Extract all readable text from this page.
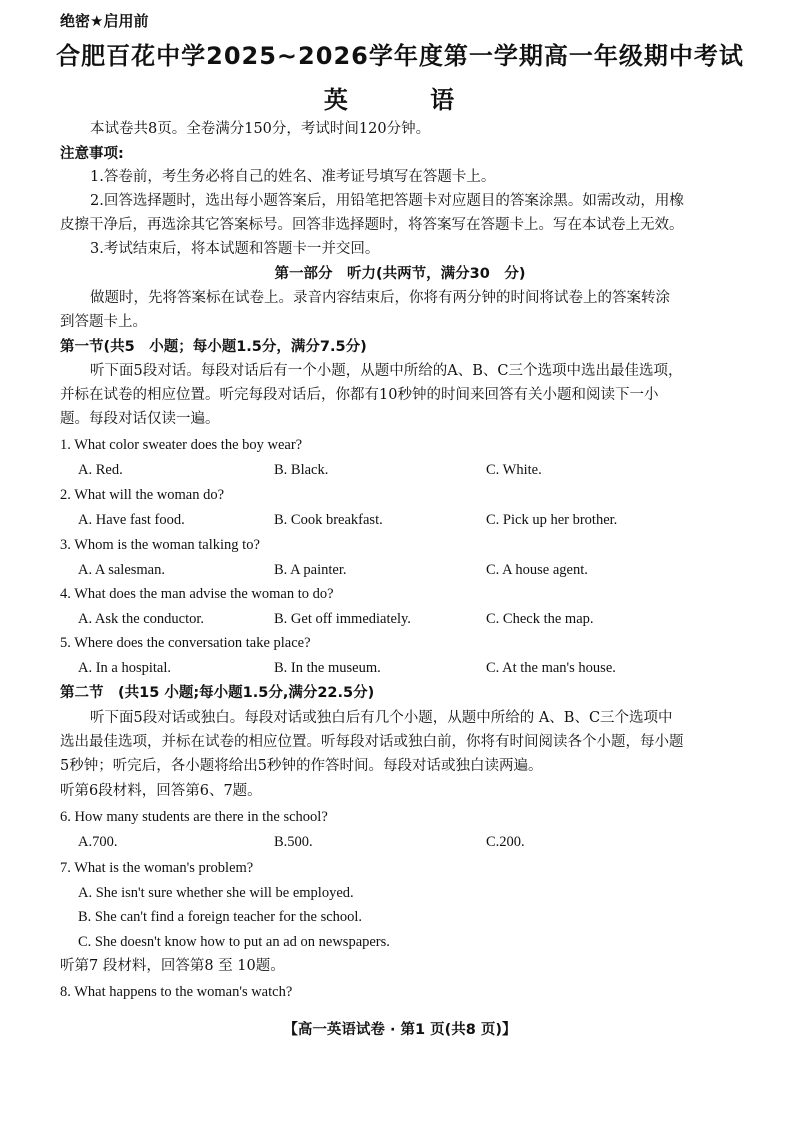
绝密★启用前
合肥百花中学2025~2026学年度第一学期高一年级期中考试
英 语
本试卷共8页。全卷满分150分，考试时间120分钟。
注意事项:
1.答卷前，考生务必将自己的姓名、准考证号填写在答题卡上。
2.回答选择题时，选出每小题答案后，用铅笔把答题卡对应题目的答案涂黑。如需改动，用橡
皮擦干净后，再选涂其它答案标号。回答非选择题时，将答案写在答题卡上。写在本试卷上无效。
3.考试结束后，将本试题和答题卡一并交回。
第一部分　听力(共两节，满分30　分)
做题时，先将答案标在试卷上。录音内容结束后，你将有两分钟的时间将试卷上的答案转涂
到答题卡上。
第一节(共5　小题；每小题1.5分，满分7.5分)
听下面5段对话。每段对话后有一个小题，从题中所给的A、B、C三个选项中选出最佳选项，
并标在试卷的相应位置。听完每段对话后，你都有10秒钟的时间来回答有关小题和阅读下一小
题。每段对话仅读一遍。
1. What color sweater does the boy wear?
A. Red.	B. Black.	C. White.
2. What will the woman do?
A. Have fast food.	B. Cook breakfast.	C. Pick up her brother.
3. Whom is the woman talking to?
A. A salesman.	B. A painter.	C. A house agent.
4. What does the man advise the woman to do?
A. Ask the conductor.	B. Get off immediately.	C. Check the map.
5. Where does the conversation take place?
A. In a hospital.	B. In the museum.	C. At the man's house.
第二节　(共15 小题;每小题1.5分,满分22.5分)
听下面5段对话或独白。每段对话或独白后有几个小题，从题中所给的 A、B、C三个选项中
选出最佳选项，并标在试卷的相应位置。听每段对话或独白前，你将有时间阅读各个小题，每小题
5秒钟；听完后，各小题将给出5秒钟的作答时间。每段对话或独白读两遍。
听第6段材料，回答第6、7题。
6. How many students are there in the school?
A.700.	B.500.	C.200.
7. What is the woman's problem?
A. She isn't sure whether she will be employed.
B. She can't find a foreign teacher for the school.
C. She doesn't know how to put an ad on newspapers.
听第7 段材料，回答第8 至 10题。
8. What happens to the woman's watch?
【高一英语试卷 · 第1 页(共8 页)】
